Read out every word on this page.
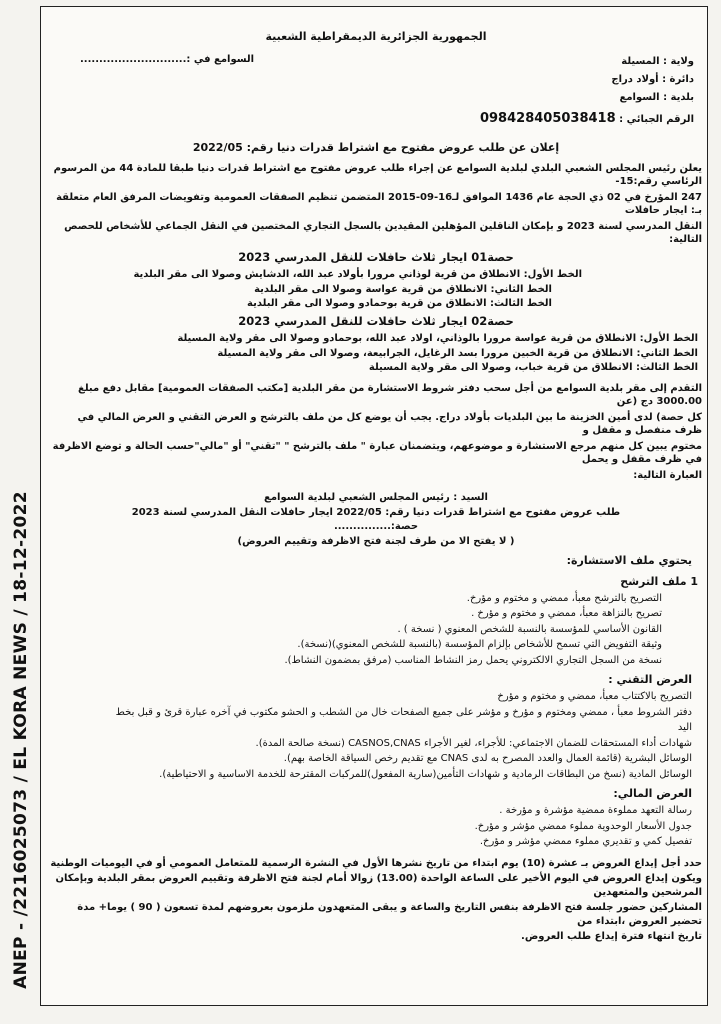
ANEP - /2216025073 / EL KORA NEWS / 18-12-2022
الجمهورية الجزائرية الديمقراطية الشعبية
ولاية : المسيلة
دائرة : أولاد دراج
بلدية : السوامع
الرقم الجبائي : 098428405038418
السوامع في :............................
إعلان عن طلب عروض مفتوح مع اشتراط قدرات دنيا رقم: 2022/05
يعلن رئيس المجلس الشعبي البلدي لبلدية السوامع عن إجراء طلب عروض مفتوح مع اشتراط قدرات دنيا طبقا للمادة 44 من المرسوم الرئاسي رقم:15-
247 المؤرخ في 02 ذي الحجة عام 1436 الموافق لـ16-09-2015 المتضمن تنظيم الصفقات العمومية وتفويضات المرفق العام متعلقة بـ: ايجار حافلات
النقل المدرسي لسنة 2023 و بإمكان الناقلين المؤهلين المقيدين بالسجل التجاري المختصين في النقل الجماعي للأشخاص للحصص التالية:
حصة01 ايجار ثلاث حافلات للنقل المدرسي 2023
الخط الأول: الانطلاق من قرية لوذاني مرورا بأولاد عبد الله، الدشايش وصولا الى مقر البلدية
الخط الثاني: الانطلاق من قرية عواسة وصولا الى مقر البلدية
الخط الثالث: الانطلاق من قرية بوحمادو وصولا الى مقر البلدية
حصة02 ايجار ثلاث حافلات للنقل المدرسي 2023
الخط الأول: الانطلاق من قرية عواسة مرورا بالوذاني، اولاد عبد الله، بوحمادو وصولا الى مقر ولاية المسيلة
الخط الثاني: الانطلاق من قرية الخبين مرورا بسد الرغايل، الجرابيعة، وصولا الى مقر ولاية المسيلة
الخط الثالث: الانطلاق من قرية خباب، وصولا الى مقر ولاية المسيلة
التقدم إلى مقر بلدية السوامع من أجل سحب دفتر شروط الاستشارة من مقر البلدية [مكتب الصفقات العمومية] مقابل دفع مبلغ 3000.00 دج (عن
كل حصة) لدى أمين الخزينة ما بين البلديات بأولاد دراج. يجب أن يوضع كل من ملف بالترشح و العرض التقني و العرض المالي في ظرف منفصل و مقفل و
مختوم يبين كل منهم مرجع الاستشارة و موضوعهم، ويتضمنان عبارة " ملف بالترشح " "تقني" أو "مالي"حسب الحالة و توضع الاظرفة في ظرف مقفل و يحمل
العبارة التالية:
السيد : رئيس المجلس الشعبي لبلدية السوامع
طلب عروض مفتوح مع اشتراط قدرات دنيا رقم: 2022/05 ايجار حافلات النقل المدرسي لسنة 2023
حصة:...............
( لا يفتح الا من طرف لجنة فتح الاظرفة وتقييم العروض)
يحتوي ملف الاستشارة:
1 ملف الترشح
التصريح بالترشح معبأ، ممضي و مختوم و مؤرخ.
تصريح بالنزاهة معبأ، ممضي و مختوم و مؤرخ .
القانون الأساسي للمؤسسة بالنسبة للشخص المعنوي ( نسخة ) .
وثيقة التفويض التي تسمح للأشخاص بإلزام المؤسسة (بالنسبة للشخص المعنوي)(نسخة).
نسخة من السجل التجاري الالكتروني يحمل رمز النشاط المناسب (مرفق بمضمون النشاط).
العرض التقني :
التصريح بالاكتتاب معبأ، ممضي و مختوم و مؤرخ
دفتر الشروط معبأ ، ممضي ومختوم و مؤرخ و مؤشر على جميع الصفحات خال من الشطب و الحشو مكتوب في آخره عبارة قرئ و قبل بخط
اليد
شهادات أداء المستحقات للضمان الاجتماعي: للأجراء، لغير الأجراء CASNOS,CNAS (نسخة صالحة المدة).
الوسائل البشرية (قائمة العمال والعدد المصرح به لدى CNAS مع تقديم رخص السياقة الخاصة بهم).
الوسائل المادية (نسخ من البطاقات الرمادية و شهادات التأمين(سارية المفعول)للمركبات المقترحة للخدمة الاساسية و الاحتياطية).
العرض المالي:
رسالة التعهد مملوءة ممضية مؤشرة و مؤرخة .
جدول الأسعار الوحدوية مملوء ممضي مؤشر و مؤرخ.
تفصيل كمي و تقديري مملوء ممضي مؤشر و مؤرخ.
حدد أجل إيداع العروض بـ عشرة (10) يوم ابتداء من تاريخ نشرها الأول في النشرة الرسمية للمتعامل العمومي أو في اليوميات الوطنية
ويكون إيداع العروض في اليوم الأخير على الساعة الواحدة (13.00) زوالا أمام لجنة فتح الاظرفة وتقييم العروض بمقر البلدية وبإمكان المرشحين والمتعهدين
المشاركين حضور جلسة فتح الاظرفة بنفس التاريخ والساعة و يبقى المتعهدون ملزمون بعروضهم لمدة تسعون ( 90 ) يوما+ مدة تحضير العروض ،ابتداء من
تاريخ انتهاء فترة إيداع طلب العروض.
